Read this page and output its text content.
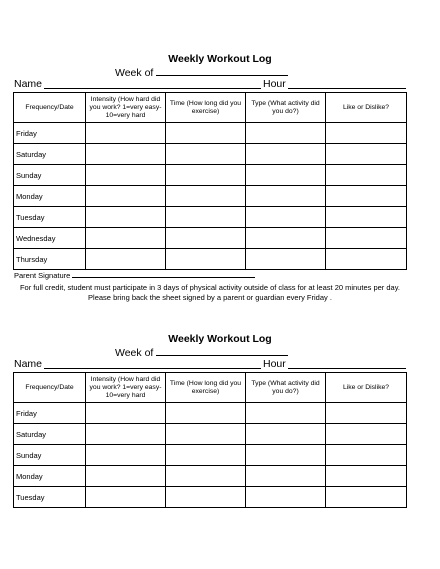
Weekly Workout Log
Week of
Name	Hour
Frequency/Date	Intensity (How hard did you work? 1=very easy-10=very hard	Time (How long did you exercise)	Type (What activity did you do?)	Like or Dislike?
Friday				
Saturday				
Sunday				
Monday				
Tuesday				
Wednesday				
Thursday				
Parent Signature
For full credit, student must participate in 3 days of physical activity outside of class for at least 20 minutes per day. Please bring back the sheet signed by a parent or guardian every Friday .
Weekly Workout Log
Week of
Name	Hour
Frequency/Date	Intensity (How hard did you work? 1=very easy-10=very hard	Time (How long did you exercise)	Type (What activity did you do?)	Like or Dislike?
Friday				
Saturday				
Sunday				
Monday				
Tuesday				
